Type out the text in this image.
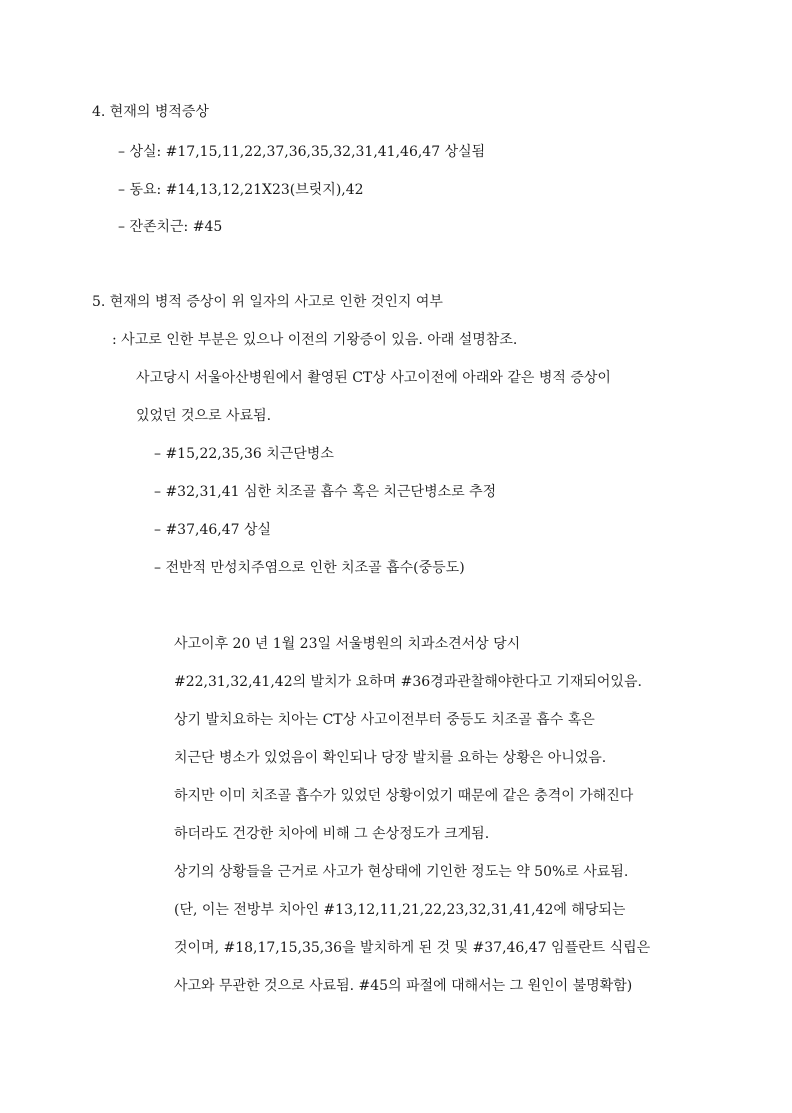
4. 현재의 병적증상
– 상실: #17,15,11,22,37,36,35,32,31,41,46,47 상실됨
– 동요: #14,13,12,21X23(브릿지),42
– 잔존치근: #45
5. 현재의 병적 증상이 위 일자의 사고로 인한 것인지 여부
: 사고로 인한 부분은 있으나 이전의 기왕증이 있음. 아래 설명참조.
사고당시 서울아산병원에서 촬영된 CT상 사고이전에 아래와 같은 병적 증상이
있었던 것으로 사료됨.
– #15,22,35,36 치근단병소
– #32,31,41 심한 치조골 흡수 혹은 치근단병소로 추정
– #37,46,47 상실
– 전반적 만성치주염으로 인한 치조골 흡수(중등도)
사고이후 20 년 1월 23일 서울병원의 치과소견서상 당시
#22,31,32,41,42의 발치가 요하며 #36경과관찰해야한다고 기재되어있음.
상기 발치요하는 치아는 CT상 사고이전부터 중등도 치조골 흡수 혹은
치근단 병소가 있었음이 확인되나 당장 발치를 요하는 상황은 아니었음.
하지만 이미 치조골 흡수가 있었던 상황이었기 때문에 같은 충격이 가해진다
하더라도 건강한 치아에 비해 그 손상정도가 크게됨.
상기의 상황들을 근거로 사고가 현상태에 기인한 정도는 약 50%로 사료됨.
(단, 이는 전방부 치아인 #13,12,11,21,22,23,32,31,41,42에 해당되는
것이며, #18,17,15,35,36을 발치하게 된 것 및 #37,46,47 임플란트 식립은
사고와 무관한 것으로 사료됨. #45의 파절에 대해서는 그 원인이 불명확함)
